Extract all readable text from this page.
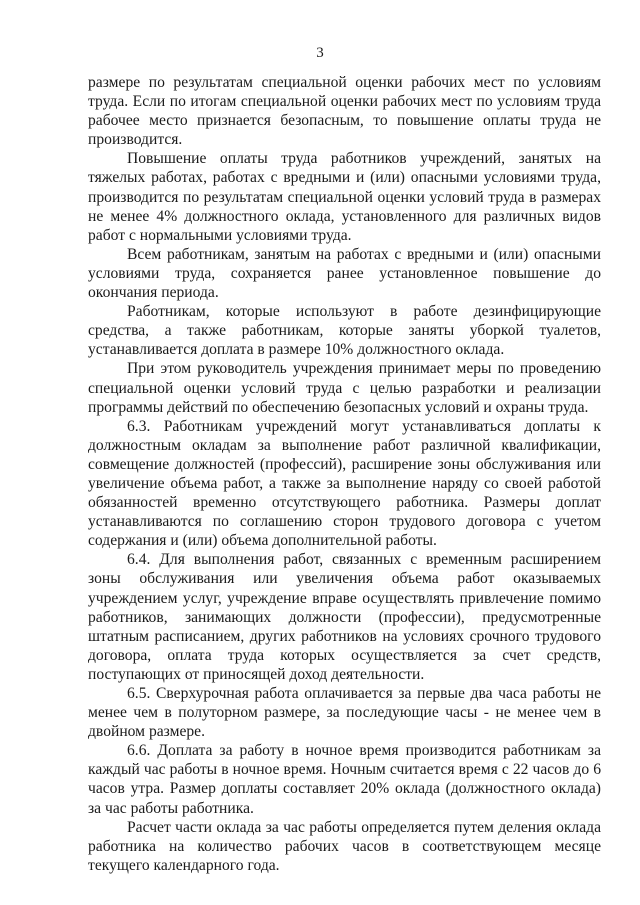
3

размере по результатам специальной оценки рабочих мест по условиям труда. Если по итогам специальной оценки рабочих мест по условиям труда рабочее место признается безопасным, то повышение оплаты труда не производится.

Повышение оплаты труда работников учреждений, занятых на тяжелых работах, работах с вредными и (или) опасными условиями труда, производится по результатам специальной оценки условий труда в размерах не менее 4% должностного оклада, установленного для различных видов работ с нормальными условиями труда.

Всем работникам, занятым на работах с вредными и (или) опасными условиями труда, сохраняется ранее установленное повышение до окончания периода.

Работникам, которые используют в работе дезинфицирующие средства, а также работникам, которые заняты уборкой туалетов, устанавливается доплата в размере 10% должностного оклада.

При этом руководитель учреждения принимает меры по проведению специальной оценки условий труда с целью разработки и реализации программы действий по обеспечению безопасных условий и охраны труда.

6.3. Работникам учреждений могут устанавливаться доплаты к должностным окладам за выполнение работ различной квалификации, совмещение должностей (профессий), расширение зоны обслуживания или увеличение объема работ, а также за выполнение наряду со своей работой обязанностей временно отсутствующего работника. Размеры доплат устанавливаются по соглашению сторон трудового договора с учетом содержания и (или) объема дополнительной работы.

6.4. Для выполнения работ, связанных с временным расширением зоны обслуживания или увеличения объема работ оказываемых учреждением услуг, учреждение вправе осуществлять привлечение помимо работников, занимающих должности (профессии), предусмотренные штатным расписанием, других работников на условиях срочного трудового договора, оплата труда которых осуществляется за счет средств, поступающих от приносящей доход деятельности.

6.5. Сверхурочная работа оплачивается за первые два часа работы не менее чем в полуторном размере, за последующие часы - не менее чем в двойном размере.

6.6. Доплата за работу в ночное время производится работникам за каждый час работы в ночное время. Ночным считается время с 22 часов до 6 часов утра. Размер доплаты составляет 20% оклада (должностного оклада) за час работы работника.

Расчет части оклада за час работы определяется путем деления оклада работника на количество рабочих часов в соответствующем месяце текущего календарного года.
